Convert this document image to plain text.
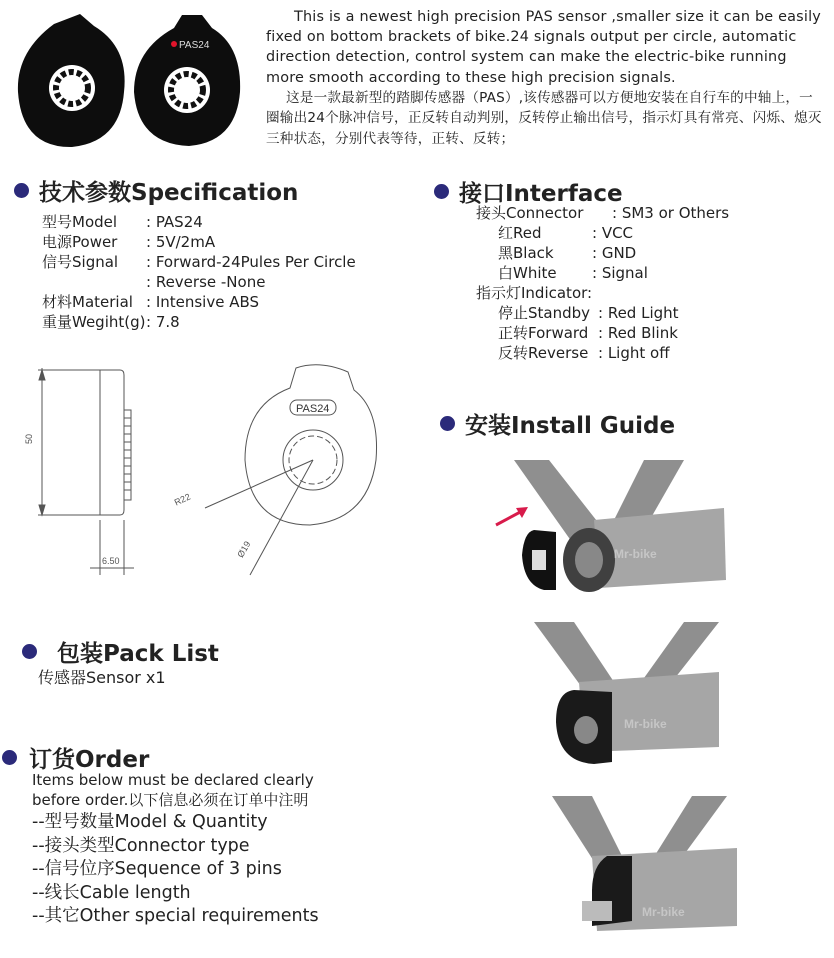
PAS24

This is a newest high precision PAS sensor ,smaller size it can be easily fixed on bottom brackets of bike.24 signals output per circle, automatic direction detection, control system can make the electric-bike running more smooth according to these high precision signals.

这是一款最新型的踏脚传感器（PAS）,该传感器可以方便地安装在自行车的中轴上，一圈输出24个脉冲信号，正反转自动判别，反转停止输出信号，指示灯具有常亮、闪烁、熄灭三种状态，分别代表等待，正转、反转；

技术参数Specification
型号Model	: PAS24
电源Power	: 5V/2mA
信号Signal	: Forward-24Pules Per Circle
: Reverse -None
材料Material : Intensive ABS
重量Wegiht(g) : 7.8
接口Interface
接头Connector	: SM3 or Others
红Red	: VCC
黑Black	: GND
白White	: Signal
指示灯Indicator:
停止Standby : Red Light
正转Forward : Red Blink
反转Reverse : Light off
50
6.50
PAS24
R22
Ø19
安装Install Guide
Mr-bike
Mr-bike
Mr-bike
包装Pack List
传感器Sensor x1
订货Order
Items below must be declared clearly
before order.以下信息必须在订单中注明
--型号数量Model & Quantity
--接头类型Connector type
--信号位序Sequence of 3 pins
--线长Cable length
--其它Other special requirements
